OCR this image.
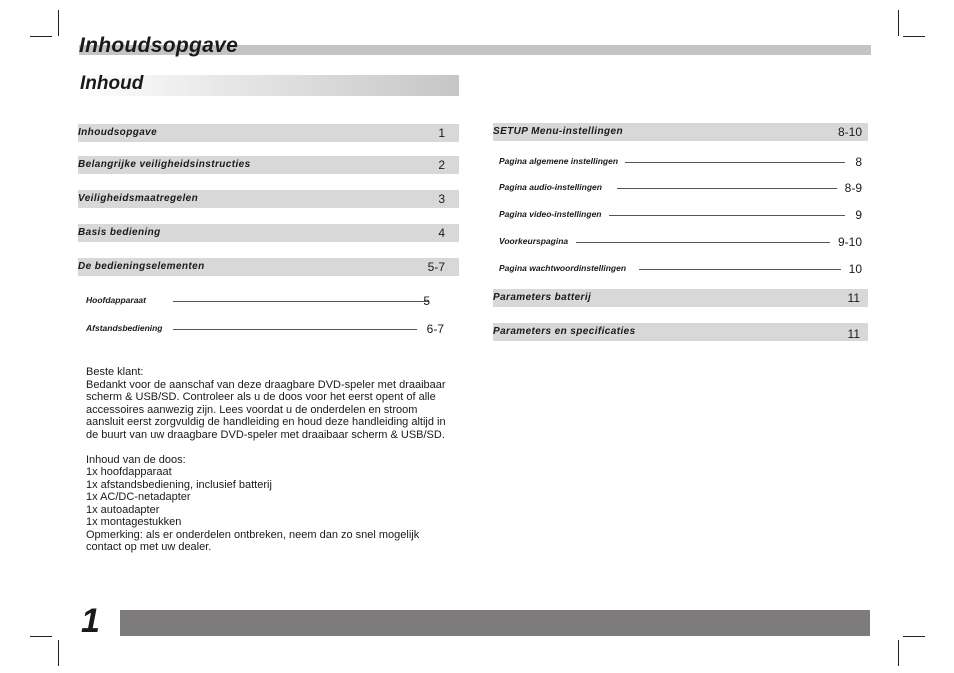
Inhoudsopgave
Inhoud
Inhoudsopgave	1
Belangrijke veiligheidsinstructies	2
Veiligheidsmaatregelen	3
Basis bediening	4
De bedieningselementen	5-7
Hoofdapparaat	5
Afstandsbediening	6-7
SETUP Menu-instellingen	8-10
Pagina algemene instellingen	8
Pagina audio-instellingen	8-9
Pagina video-instellingen	9
Voorkeurspagina	9-10
Pagina wachtwoordinstellingen	10
Parameters batterij	11
Parameters en specificaties	11

Beste klant:

Bedankt voor de aanschaf van deze draagbare DVD-speler met draaibaar

scherm & USB/SD. Controleer als u de doos voor het eerst opent of alle

accessoires aanwezig zijn. Lees voordat u de onderdelen en stroom

aansluit eerst zorgvuldig de handleiding en houd deze handleiding altijd in

de buurt van uw draagbare DVD-speler met draaibaar scherm & USB/SD.

Inhoud van de doos:

1x hoofdapparaat

1x afstandsbediening, inclusief batterij

1x AC/DC-netadapter

1x autoadapter

1x montagestukken

Opmerking: als er onderdelen ontbreken, neem dan zo snel mogelijk

contact op met uw dealer.

1
